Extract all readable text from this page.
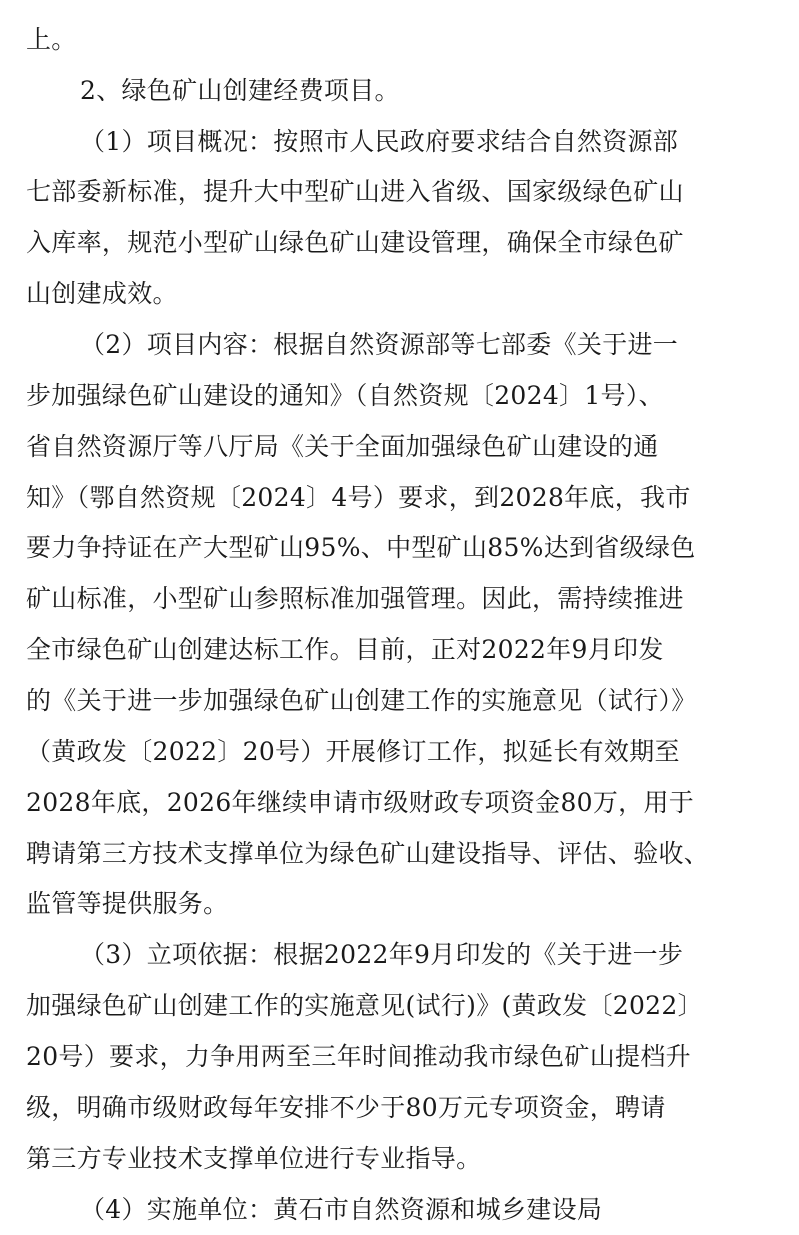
上。
2、绿色矿山创建经费项目。
（1）项目概况：按照市人民政府要求结合自然资源部
七部委新标准，提升大中型矿山进入省级、国家级绿色矿山
入库率，规范小型矿山绿色矿山建设管理，确保全市绿色矿
山创建成效。
（2）项目内容：根据自然资源部等七部委《关于进一
步加强绿色矿山建设的通知》（自然资规〔2024〕1号）、
省自然资源厅等八厅局《关于全面加强绿色矿山建设的通
知》（鄂自然资规〔2024〕4号）要求，到2028年底，我市
要力争持证在产大型矿山95%、中型矿山85%达到省级绿色
矿山标准，小型矿山参照标准加强管理。因此，需持续推进
全市绿色矿山创建达标工作。目前，正对2022年9月印发
的《关于进一步加强绿色矿山创建工作的实施意见（试行）》
（黄政发〔2022〕20号）开展修订工作，拟延长有效期至
2028年底，2026年继续申请市级财政专项资金80万，用于
聘请第三方技术支撑单位为绿色矿山建设指导、评估、验收、
监管等提供服务。
（3）立项依据：根据2022年9月印发的《关于进一步
加强绿色矿山创建工作的实施意见(试行)》(黄政发〔2022〕
20号）要求，力争用两至三年时间推动我市绿色矿山提档升
级，明确市级财政每年安排不少于80万元专项资金，聘请
第三方专业技术支撑单位进行专业指导。
（4）实施单位：黄石市自然资源和城乡建设局
